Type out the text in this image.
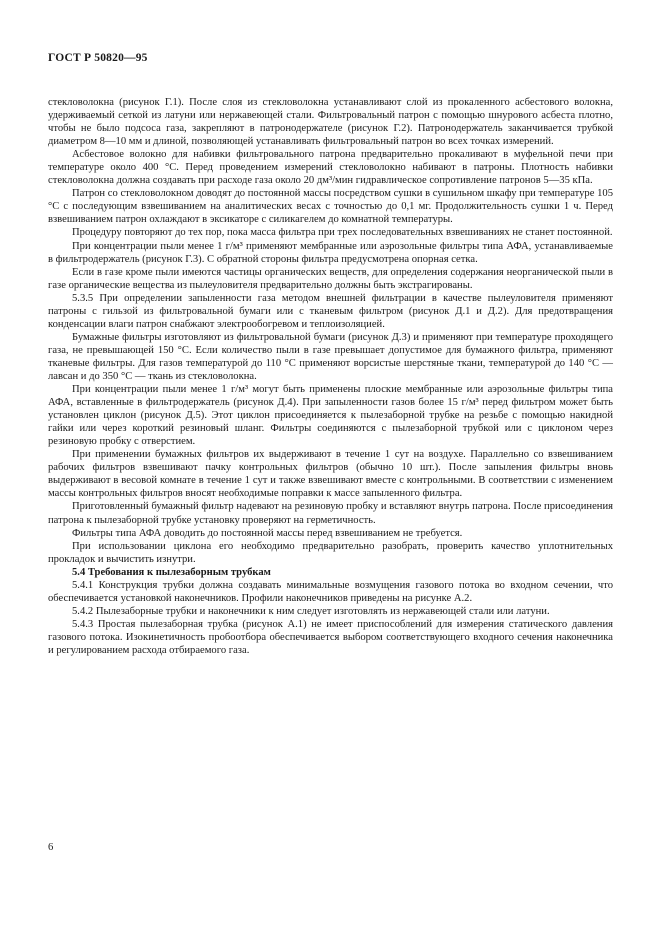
ГОСТ Р 50820—95

стекловолокна (рисунок Г.1). После слоя из стекловолокна устанавливают слой из прокаленного асбестового волокна, удерживаемый сеткой из латуни или нержавеющей стали. Фильтровальный патрон с помощью шнурового асбеста плотно, чтобы не было подсоса газа, закрепляют в патронодержателе (рисунок Г.2). Патронодержатель заканчивается трубкой диаметром 8—10 мм и длиной, позволяющей устанавливать фильтровальный патрон во всех точках измерений.

Асбестовое волокно для набивки фильтровального патрона предварительно прокаливают в муфельной печи при температуре около 400 °С. Перед проведением измерений стекловолокно набивают в патроны. Плотность набивки стекловолокна должна создавать при расходе газа около 20 дм³/мин гидравлическое сопротивление патронов 5—35 кПа.

Патрон со стекловолокном доводят до постоянной массы посредством сушки в сушильном шкафу при температуре 105 °С с последующим взвешиванием на аналитических весах с точностью до 0,1 мг. Продолжительность сушки 1 ч. Перед взвешиванием патрон охлаждают в эксикаторе с силикагелем до комнатной температуры.

Процедуру повторяют до тех пор, пока масса фильтра при трех последовательных взвешиваниях не станет постоянной.

При концентрации пыли менее 1 г/м³ применяют мембранные или аэрозольные фильтры типа АФА, устанавливаемые в фильтродержатель (рисунок Г.3). С обратной стороны фильтра предусмотрена опорная сетка.

Если в газе кроме пыли имеются частицы органических веществ, для определения содержания неорганической пыли в газе органические вещества из пылеуловителя предварительно должны быть экстрагированы.

5.3.5 При определении запыленности газа методом внешней фильтрации в качестве пылеуловителя применяют патроны с гильзой из фильтровальной бумаги или с тканевым фильтром (рисунок Д.1 и Д.2). Для предотвращения конденсации влаги патрон снабжают электрообогревом и теплоизоляцией.

Бумажные фильтры изготовляют из фильтровальной бумаги (рисунок Д.3) и применяют при температуре проходящего газа, не превышающей 150 °С. Если количество пыли в газе превышает допустимое для бумажного фильтра, применяют тканевые фильтры. Для газов температурой до 110 °С применяют ворсистые шерстяные ткани, температурой до 140 °С — лавсан и до 350 °С — ткань из стекловолокна.

При концентрации пыли менее 1 г/м³ могут быть применены плоские мембранные или аэрозольные фильтры типа АФА, вставленные в фильтродержатель (рисунок Д.4). При запыленности газов более 15 г/м³ перед фильтром может быть установлен циклон (рисунок Д.5). Этот циклон присоединяется к пылезаборной трубке на резьбе с помощью накидной гайки или через короткий резиновый шланг. Фильтры соединяются с пылезаборной трубкой или с циклоном через резиновую пробку с отверстием.

При применении бумажных фильтров их выдерживают в течение 1 сут на воздухе. Параллельно со взвешиванием рабочих фильтров взвешивают пачку контрольных фильтров (обычно 10 шт.). После запыления фильтры вновь выдерживают в весовой комнате в течение 1 сут и также взвешивают вместе с контрольными. В соответствии с изменением массы контрольных фильтров вносят необходимые поправки к массе запыленного фильтра.

Приготовленный бумажный фильтр надевают на резиновую пробку и вставляют внутрь патрона. После присоединения патрона к пылезаборной трубке установку проверяют на герметичность.

Фильтры типа АФА доводить до постоянной массы перед взвешиванием не требуется.

При использовании циклона его необходимо предварительно разобрать, проверить качество уплотнительных прокладок и вычистить изнутри.

5.4 Требования к пылезаборным трубкам

5.4.1 Конструкция трубки должна создавать минимальные возмущения газового потока во входном сечении, что обеспечивается установкой наконечников. Профили наконечников приведены на рисунке А.2.

5.4.2 Пылезаборные трубки и наконечники к ним следует изготовлять из нержавеющей стали или латуни.

5.4.3 Простая пылезаборная трубка (рисунок А.1) не имеет приспособлений для измерения статического давления газового потока. Изокинетичность пробоотбора обеспечивается выбором соответствующего входного сечения наконечника и регулированием расхода отбираемого газа.

6
